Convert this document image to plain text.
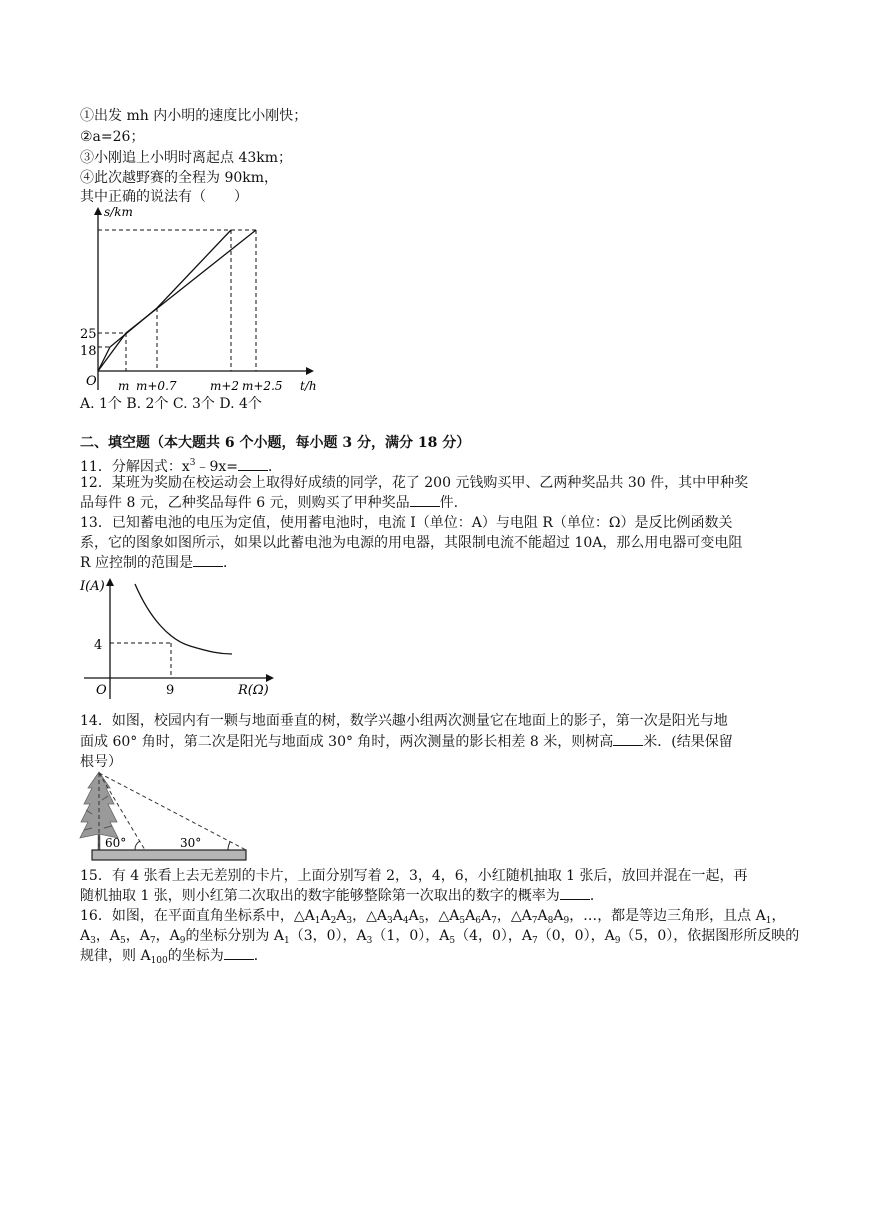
①出发 mh 内小明的速度比小刚快；
②a=26；
③小刚追上小明时离起点 43km；
④此次越野赛的全程为 90km，
其中正确的说法有（　　）
s/km
t/h
O
25
18
m m+0.7	m+2 m+2.5
A. 1个 B. 2个 C. 3个 D. 4个
二、填空题（本大题共 6 个小题，每小题 3 分，满分 18 分）
11．分解因式：$x^3﹣9x=$ ．
12．某班为奖励在校运动会上取得好成绩的同学，花了 200 元钱购买甲、乙两种奖品共 30 件，其中甲种奖
品每件 8 元，乙种奖品每件 6 元，则购买了甲种奖品 件.
13．已知蓄电池的电压为定值，使用蓄电池时，电流 I（单位：A）与电阻 R（单位：Ω）是反比例函数关
系，它的图象如图所示，如果以此蓄电池为电源的用电器，其限制电流不能超过 10A，那么用电器可变电阻
R 应控制的范围是 ．
I(A)
R(Ω)
O
4
9
14．如图，校园内有一颗与地面垂直的树，数学兴趣小组两次测量它在地面上的影子，第一次是阳光与地
面成 60° 角时，第二次是阳光与地面成 30° 角时，两次测量的影长相差 8 米，则树高 米．(结果保留
根号）
60°	30°
15．有 4 张看上去无差别的卡片，上面分别写着 2，3，4，6，小红随机抽取 1 张后，放回并混在一起，再
随机抽取 1 张，则小红第二次取出的数字能够整除第一次取出的数字的概率为 ．
16．如图，在平面直角坐标系中，$\triangle A_1A_2A_3$，$\triangle A_3A_4A_5$，$\triangle A_5A_6A_7$，$\triangle A_7A_8A_9$，…，都是等边三角形，且点 $A_1$，
$A_3$，$A_5$，$A_7$，$A_9$的坐标分别为 $A_1(3$，0），$A_3(1$，0），$A_5(4$，0），$A_7(0$，0），$A_9(5$，0），依据图形所反映的
规律，则 $A_{100}$的坐标为 ．
